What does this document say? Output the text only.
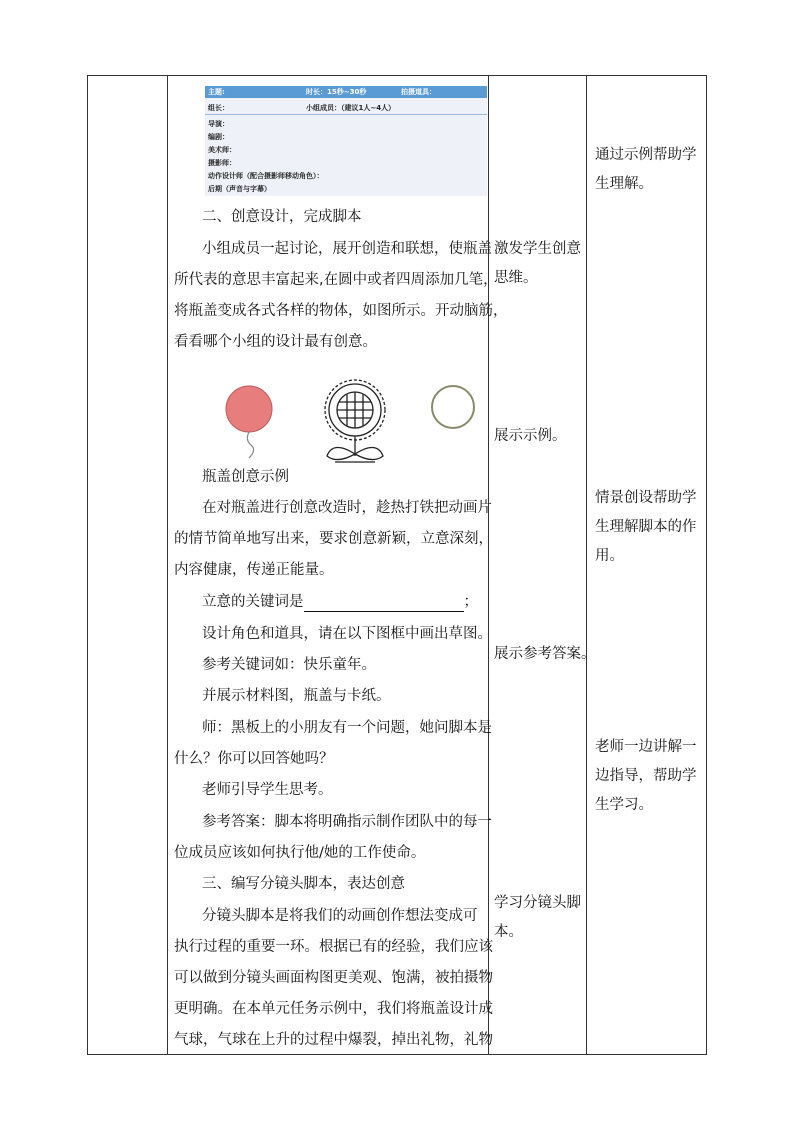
主题:	时长：15秒~30秒	拍摄道具：
组长：	小组成员：（建议1人~4人）
导演：
编剧：
美术师：
摄影师：
动作设计师（配合摄影师移动角色）：
后期（声音与字幕）
二、创意设计，完成脚本
小组成员一起讨论，展开创造和联想，使瓶盖
所代表的意思丰富起来,在圆中或者四周添加几笔，
将瓶盖变成各式各样的物体，如图所示。开动脑筋，
看看哪个小组的设计最有创意。
瓶盖创意示例
在对瓶盖进行创意改造时，趁热打铁把动画片
的情节简单地写出来，要求创意新颖，立意深刻，
内容健康，传递正能量。
立意的关键词是	；
设计角色和道具，请在以下图框中画出草图。
参考关键词如：快乐童年。
并展示材料图，瓶盖与卡纸。
师：黑板上的小朋友有一个问题，她问脚本是
什么？你可以回答她吗？
老师引导学生思考。
参考答案：脚本将明确指示制作团队中的每一
位成员应该如何执行他/她的工作使命。
三、编写分镜头脚本，表达创意
分镜头脚本是将我们的动画创作想法变成可
执行过程的重要一环。根据已有的经验，我们应该
可以做到分镜头画面构图更美观、饱满，被拍摄物
更明确。在本单元任务示例中，我们将瓶盖设计成
气球，气球在上升的过程中爆裂，掉出礼物，礼物
激发学生创意
思维。
展示示例。
展示参考答案。
学习分镜头脚
本。
通过示例帮助学
生理解。
情景创设帮助学
生理解脚本的作
用。
老师一边讲解一
边指导，帮助学
生学习。
